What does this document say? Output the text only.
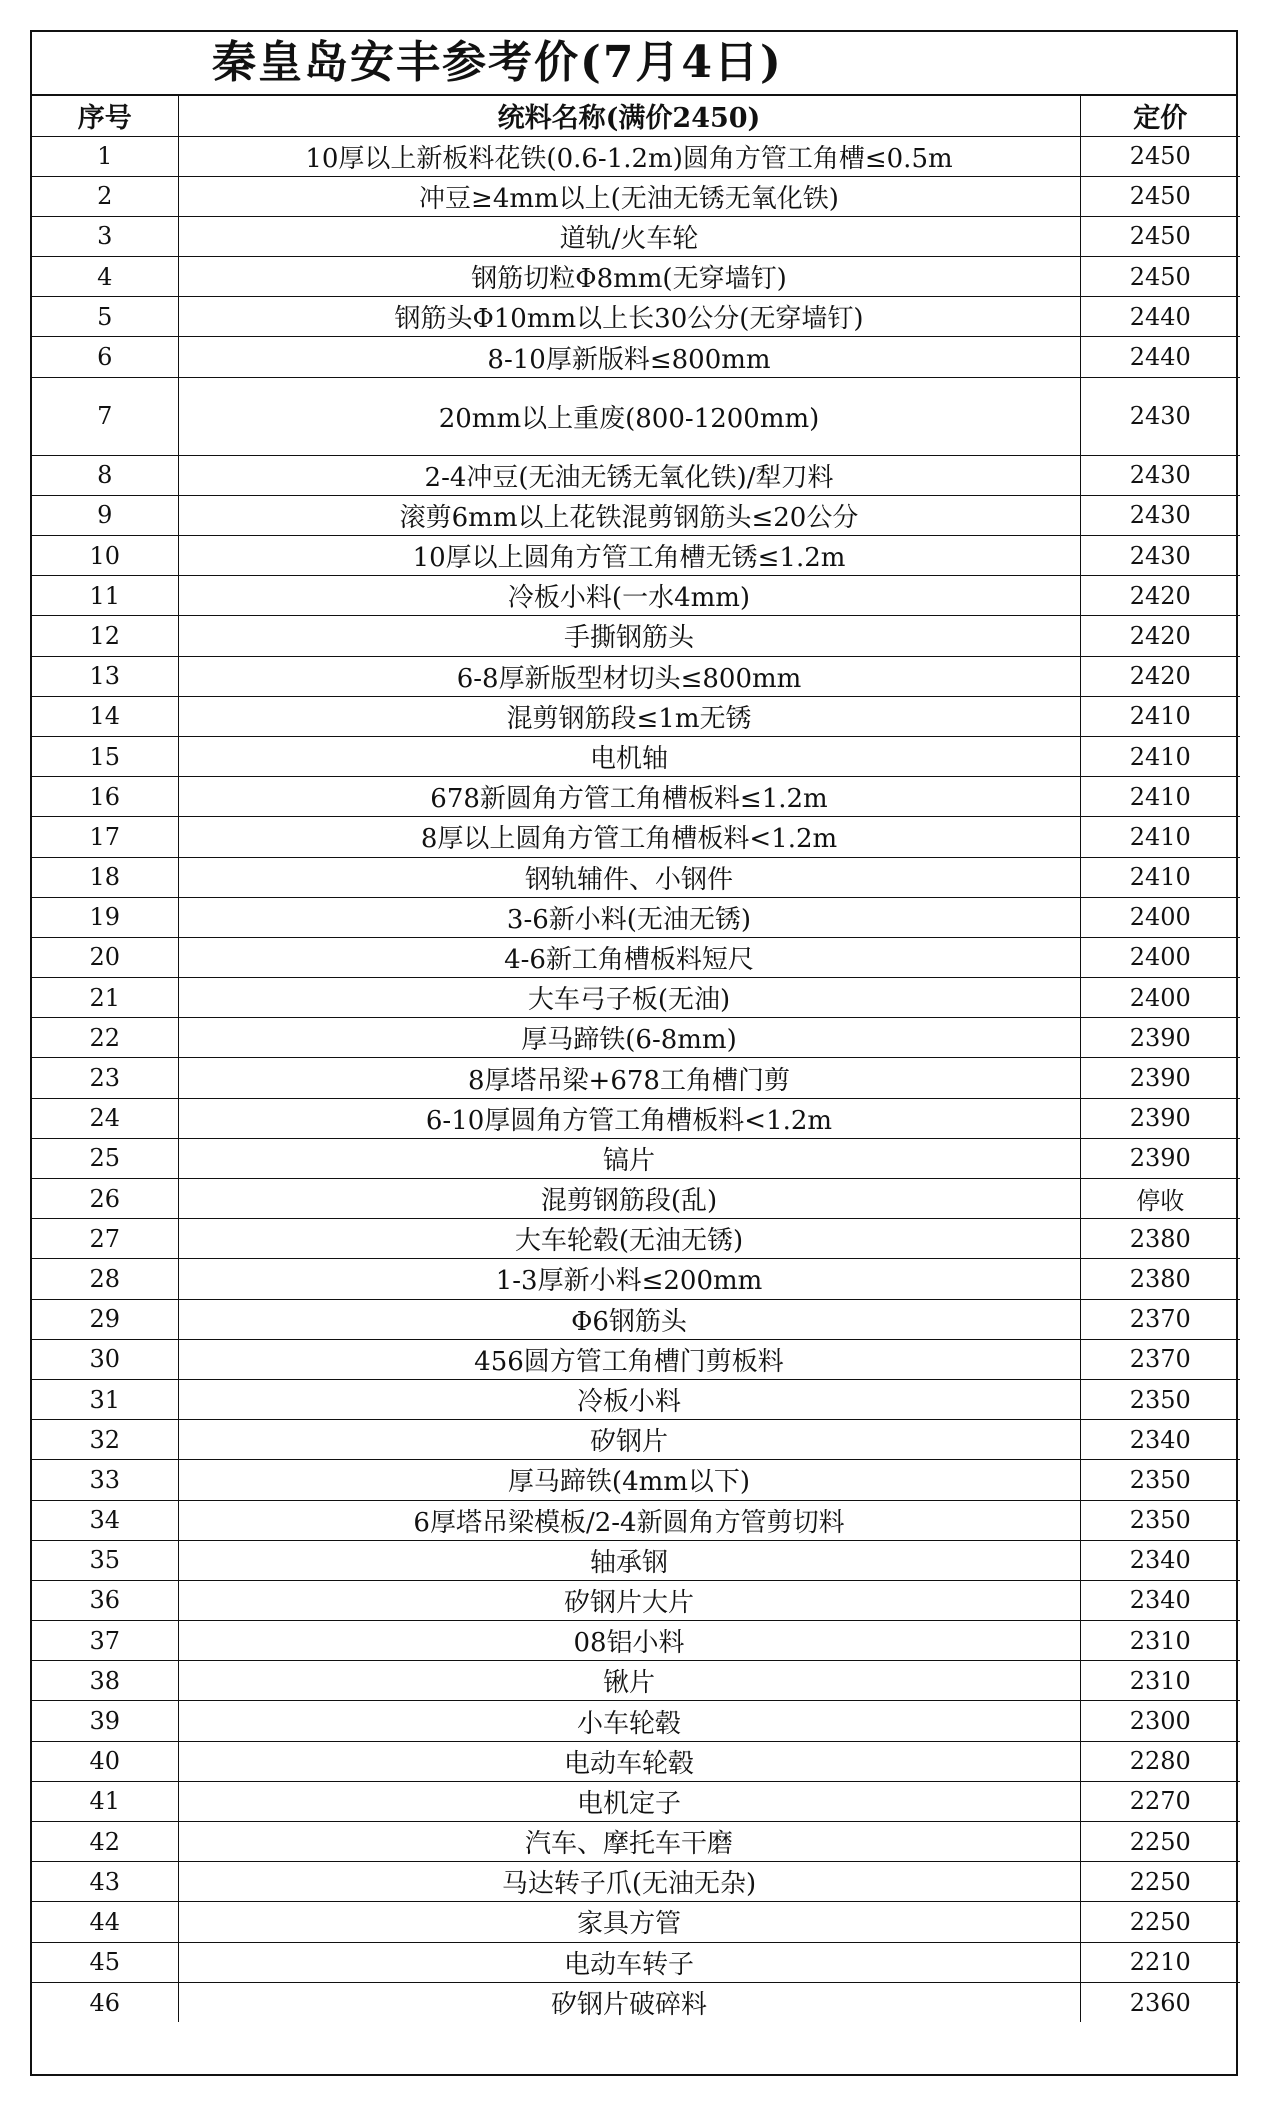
秦皇岛安丰参考价(7月4日)
序号	统料名称(满价2450)	定价
1	10厚以上新板料花铁(0.6-1.2m)圆角方管工角槽≤0.5m	2450
2	冲豆≥4mm以上(无油无锈无氧化铁)	2450
3	道轨/火车轮	2450
4	钢筋切粒Φ8mm(无穿墙钉)	2450
5	钢筋头Φ10mm以上长30公分(无穿墙钉)	2440
6	8-10厚新版料≤800mm	2440
7	20mm以上重废(800-1200mm)	2430
8	2-4冲豆(无油无锈无氧化铁)/犁刀料	2430
9	滚剪6mm以上花铁混剪钢筋头≤20公分	2430
10	10厚以上圆角方管工角槽无锈≤1.2m	2430
11	冷板小料(一水4mm)	2420
12	手撕钢筋头	2420
13	6-8厚新版型材切头≤800mm	2420
14	混剪钢筋段≤1m无锈	2410
15	电机轴	2410
16	678新圆角方管工角槽板料≤1.2m	2410
17	8厚以上圆角方管工角槽板料<1.2m	2410
18	钢轨辅件、小钢件	2410
19	3-6新小料(无油无锈)	2400
20	4-6新工角槽板料短尺	2400
21	大车弓子板(无油)	2400
22	厚马蹄铁(6-8mm)	2390
23	8厚塔吊梁+678工角槽门剪	2390
24	6-10厚圆角方管工角槽板料<1.2m	2390
25	镐片	2390
26	混剪钢筋段(乱)	停收
27	大车轮毂(无油无锈)	2380
28	1-3厚新小料≤200mm	2380
29	Φ6钢筋头	2370
30	456圆方管工角槽门剪板料	2370
31	冷板小料	2350
32	矽钢片	2340
33	厚马蹄铁(4mm以下)	2350
34	6厚塔吊梁模板/2-4新圆角方管剪切料	2350
35	轴承钢	2340
36	矽钢片大片	2340
37	08铝小料	2310
38	锹片	2310
39	小车轮毂	2300
40	电动车轮毂	2280
41	电机定子	2270
42	汽车、摩托车干磨	2250
43	马达转子爪(无油无杂)	2250
44	家具方管	2250
45	电动车转子	2210
46	矽钢片破碎料	2360
